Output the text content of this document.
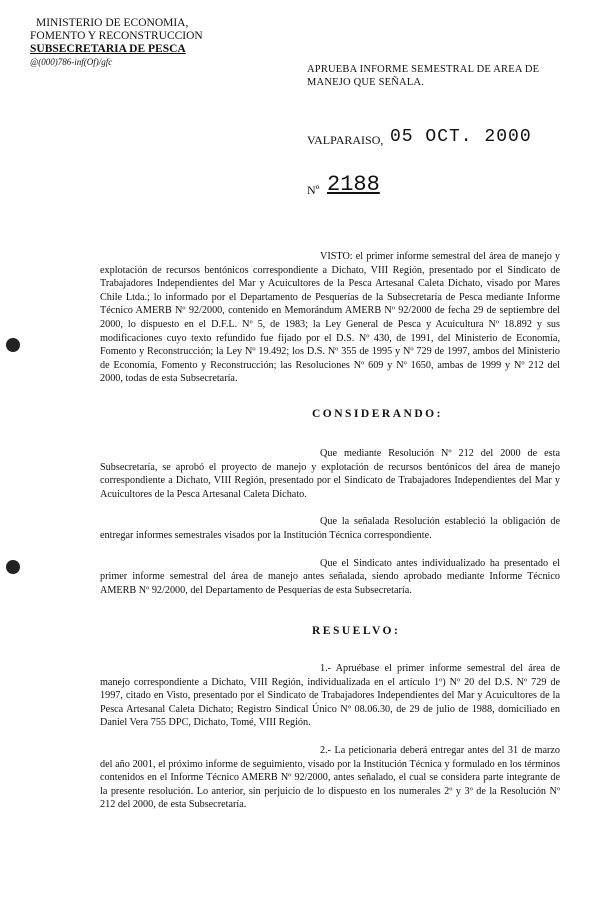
MINISTERIO DE ECONOMIA,
FOMENTO Y RECONSTRUCCION
SUBSECRETARIA DE PESCA
@(000)786-inf(Of)/gfc
APRUEBA INFORME SEMESTRAL DE AREA DE
MANEJO QUE SEÑALA.
VALPARAISO, 05 OCT. 2000
Nº 2188

VISTO: el primer informe semestral del área de manejo y explotación de recursos bentónicos correspondiente a Dichato, VIII Región, presentado por el Sindicato de Trabajadores Independientes del Mar y Acuicultores de la Pesca Artesanal Caleta Dichato, visado por Mares Chile Ltda.; lo informado por el Departamento de Pesquerías de la Subsecretaría de Pesca mediante Informe Técnico AMERB Nº 92/2000, contenido en Memorándum AMERB Nº 92/2000 de fecha 29 de septiembre del 2000, lo dispuesto en el D.F.L. Nº 5, de 1983; la Ley General de Pesca y Acuicultura Nº 18.892 y sus modificaciones cuyo texto refundido fue fijado por el D.S. Nº 430, de 1991, del Ministerio de Economía, Fomento y Reconstrucción; la Ley Nº 19.492; los D.S. Nº 355 de 1995 y Nº 729 de 1997, ambos del Ministerio de Economía, Fomento y Reconstrucción; las Resoluciones Nº 609 y Nº 1650, ambas de 1999 y Nº 212 del 2000, todas de esta Subsecretaría.

CONSIDERANDO:

Que mediante Resolución Nº 212 del 2000 de esta Subsecretaría, se aprobó el proyecto de manejo y explotación de recursos bentónicos del área de manejo correspondiente a Dichato, VIII Región, presentado por el Sindicato de Trabajadores Independientes del Mar y Acuicultores de la Pesca Artesanal Caleta Dichato.

Que la señalada Resolución estableció la obligación de entregar informes semestrales visados por la Institución Técnica correspondiente.

Que el Sindicato antes individualizado ha presentado el primer informe semestral del área de manejo antes señalada, siendo aprobado mediante Informe Técnico AMERB Nº 92/2000, del Departamento de Pesquerías de esta Subsecretaría.

RESUELVO:

1.- Apruébase el primer informe semestral del área de manejo correspondiente a Dichato, VIII Región, individualizada en el artículo 1º) Nº 20 del D.S. Nº 729 de 1997, citado en Visto, presentado por el Sindicato de Trabajadores Independientes del Mar y Acuicultores de la Pesca Artesanal Caleta Dichato; Registro Sindical Único Nº 08.06.30, de 29 de julio de 1988, domiciliado en Daniel Vera 755 DPC, Dichato, Tomé, VIII Región.

2.- La peticionaria deberá entregar antes del 31 de marzo del año 2001, el próximo informe de seguimiento, visado por la Institución Técnica y formulado en los términos contenidos en el Informe Técnico AMERB Nº 92/2000, antes señalado, el cual se considera parte integrante de la presente resolución. Lo anterior, sin perjuicio de lo dispuesto en los numerales 2º y 3º de la Resolución Nº 212 del 2000, de esta Subsecretaría.
